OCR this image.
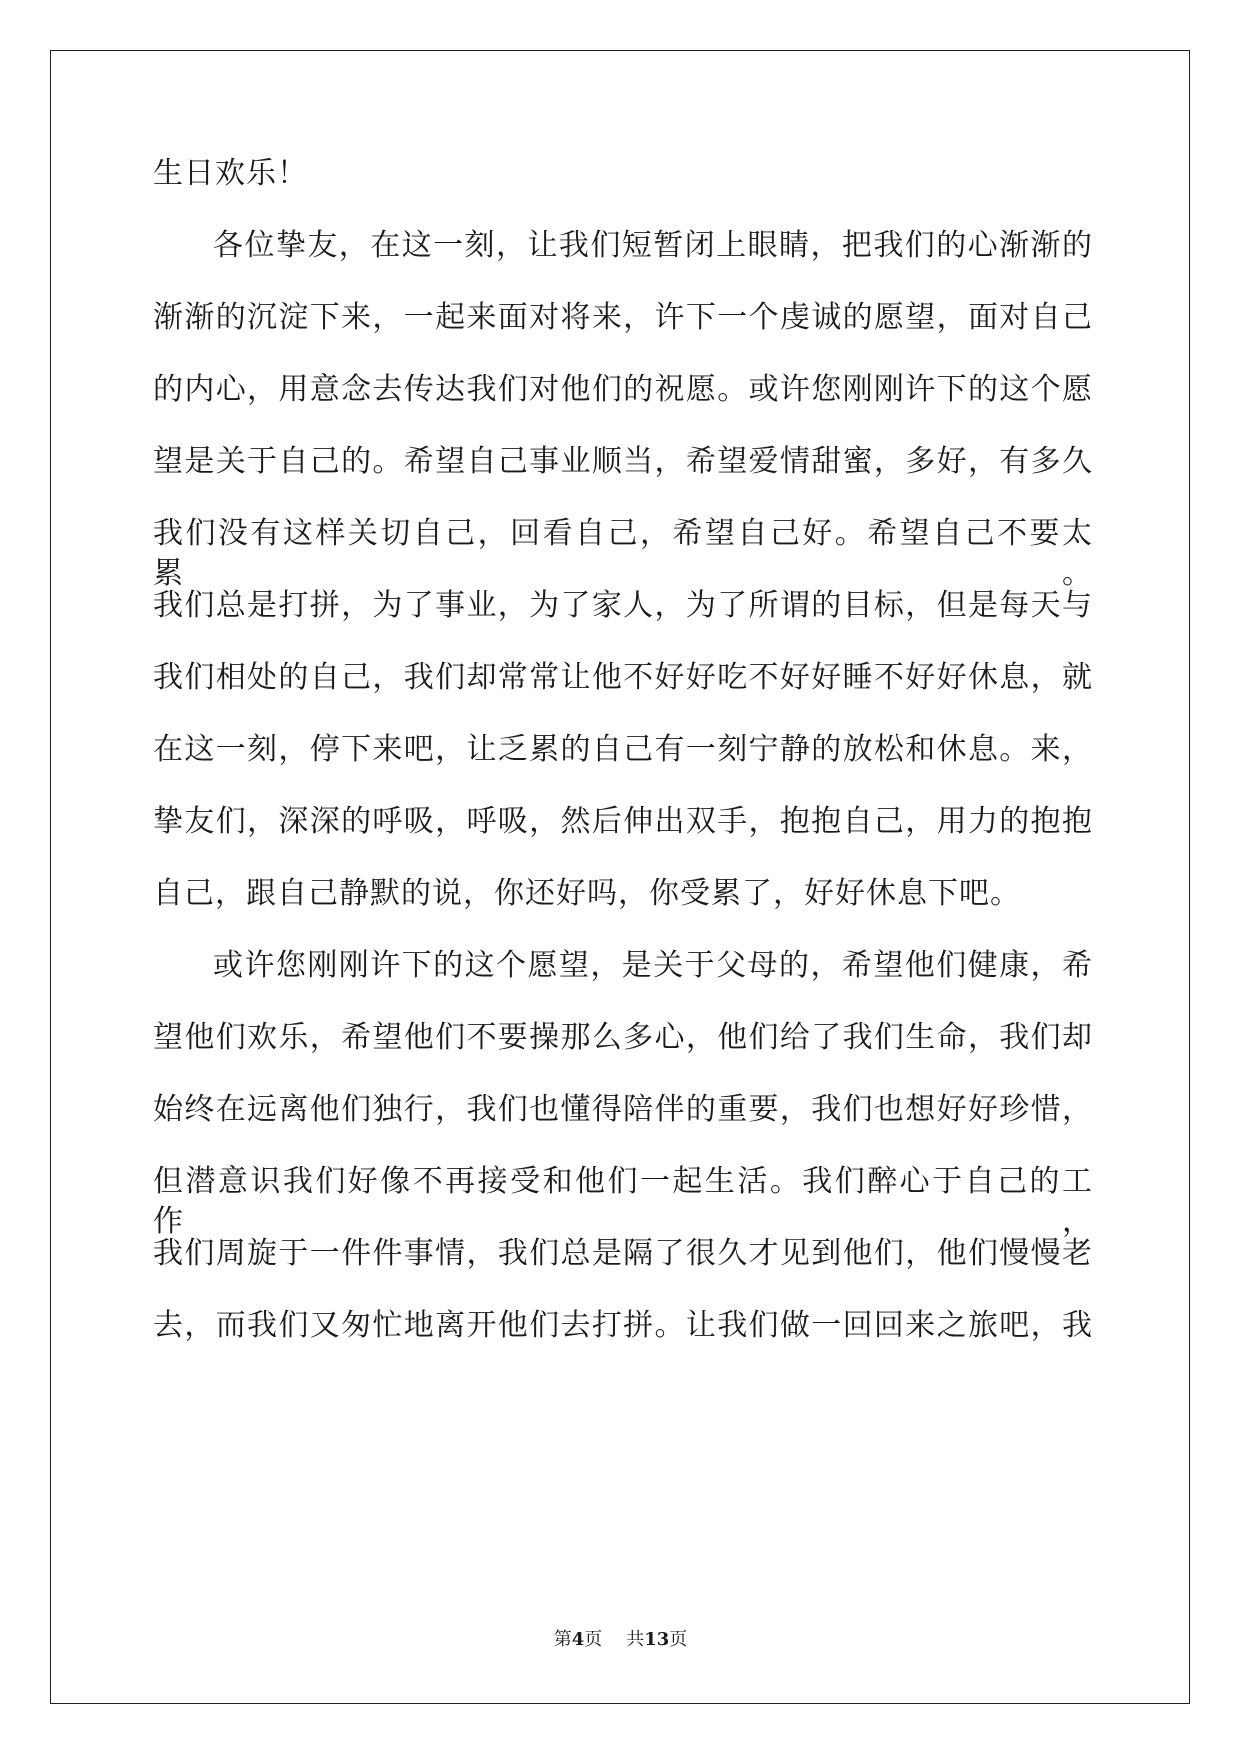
生日欢乐！
各位挚友，在这一刻，让我们短暂闭上眼睛，把我们的心渐渐的
渐渐的沉淀下来，一起来面对将来，许下一个虔诚的愿望，面对自己
的内心，用意念去传达我们对他们的祝愿。或许您刚刚许下的这个愿
望是关于自己的。希望自己事业顺当，希望爱情甜蜜，多好，有多久
我们没有这样关切自己，回看自己，希望自己好。希望自己不要太累。
我们总是打拼，为了事业，为了家人，为了所谓的目标，但是每天与
我们相处的自己，我们却常常让他不好好吃不好好睡不好好休息，就
在这一刻，停下来吧，让乏累的自己有一刻宁静的放松和休息。来，
挚友们，深深的呼吸，呼吸，然后伸出双手，抱抱自己，用力的抱抱
自己，跟自己静默的说，你还好吗，你受累了，好好休息下吧。
或许您刚刚许下的这个愿望，是关于父母的，希望他们健康，希
望他们欢乐，希望他们不要操那么多心，他们给了我们生命，我们却
始终在远离他们独行，我们也懂得陪伴的重要，我们也想好好珍惜，
但潜意识我们好像不再接受和他们一起生活。我们醉心于自己的工作，
我们周旋于一件件事情，我们总是隔了很久才见到他们，他们慢慢老
去，而我们又匆忙地离开他们去打拼。让我们做一回回来之旅吧，我
第4页 共13页
